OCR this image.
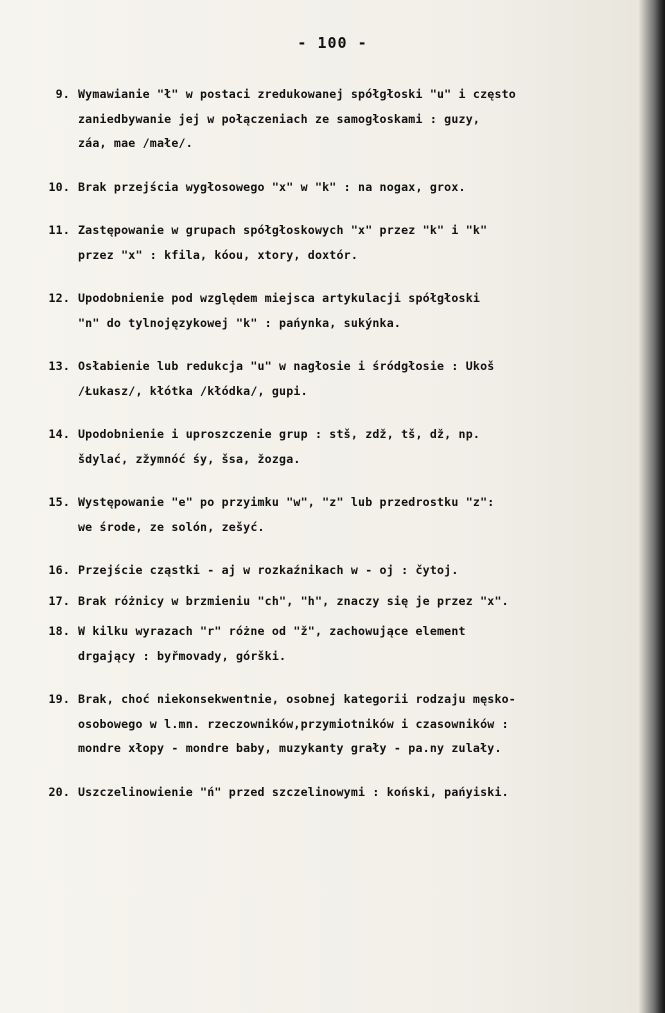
- 100 -
9. Wymawianie "ł" w postaci zredukowanej spółgłoski "u" i często
zaniedbywanie jej w połączeniach ze samogłoskami : guzy,
záa, mae /małe/.
10. Brak przejścia wygłosowego "x" w "k" : na nogax, grox.
11. Zastępowanie w grupach spółgłoskowych "x" przez "k" i "k"
przez "x" : kfila, kóou, xtory, doxtór.
12. Upodobnienie pod względem miejsca artykulacji spółgłoski
"n" do tylnojęzykowej "k" : pańynka, sukýnka.
13. Osłabienie lub redukcja "u" w nagłosie i śródgłosie : Ukoš
/Łukasz/, kłótka /kłódka/, gupi.
14. Upodobnienie i uproszczenie grup : stš, zdž, tš, dž, np.
šdylać, zžymnóć śy, šsa, žozga.
15. Występowanie "e" po przyimku "w", "z" lub przedrostku "z":
we środe, ze solón, zešyć.
16. Przejście cząstki - aj w rozkaźnikach w - oj : čytoj.
17. Brak różnicy w brzmieniu "ch", "h", znaczy się je przez "x".
18. W kilku wyrazach "r" różne od "ž", zachowujące element
drgający : byřmovady, górški.
19. Brak, choć niekonsekwentnie, osobnej kategorii rodzaju męsko-
osobowego w l.mn. rzeczowników,przymiotników i czasowników :
mondre xłopy - mondre baby, muzykanty grały - pa.ny zulały.
20. Uszczelinowienie "ń" przed szczelinowymi : koński, pańyiski.
